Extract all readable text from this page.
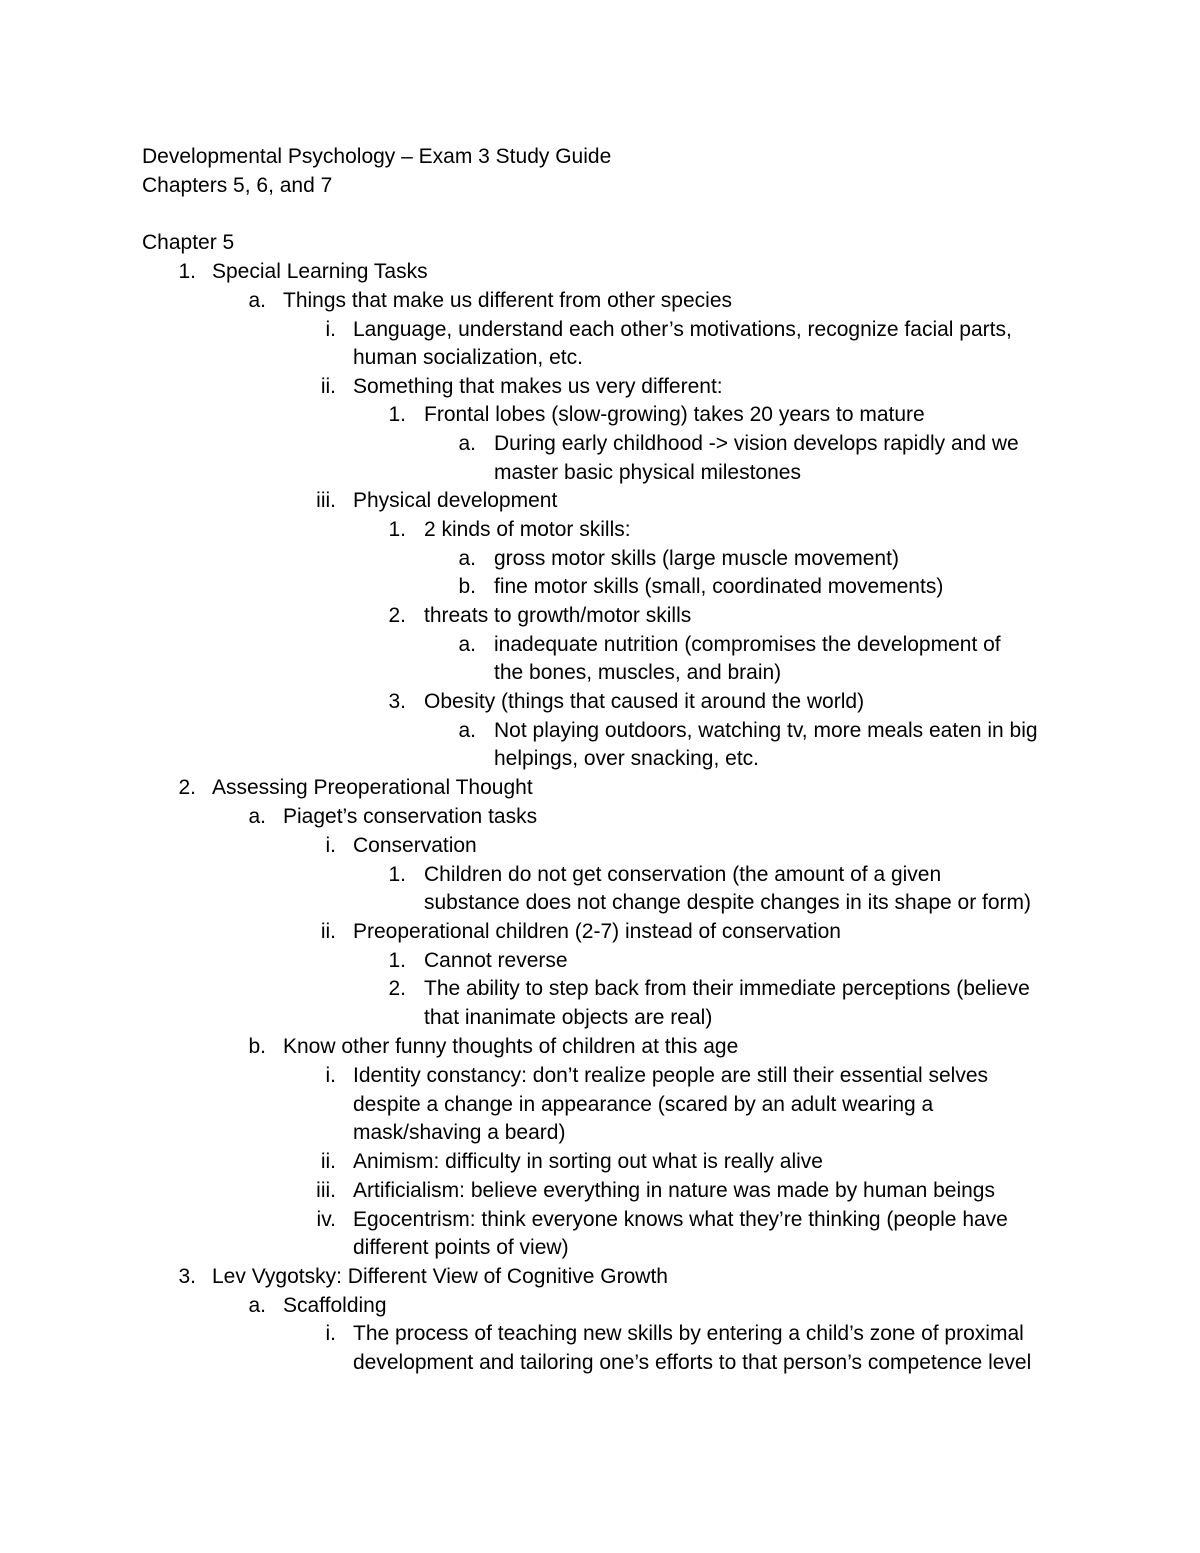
Developmental Psychology – Exam 3 Study Guide
Chapters 5, 6, and 7
Chapter 5
1. Special Learning Tasks
a. Things that make us different from other species
i. Language, understand each other’s motivations, recognize facial parts,
human socialization, etc.
ii. Something that makes us very different:
1. Frontal lobes (slow-growing) takes 20 years to mature
a. During early childhood -> vision develops rapidly and we
master basic physical milestones
iii. Physical development
1. 2 kinds of motor skills:
a. gross motor skills (large muscle movement)
b. fine motor skills (small, coordinated movements)
2. threats to growth/motor skills
a. inadequate nutrition (compromises the development of
the bones, muscles, and brain)
3. Obesity (things that caused it around the world)
a. Not playing outdoors, watching tv, more meals eaten in big
helpings, over snacking, etc.
2. Assessing Preoperational Thought
a. Piaget’s conservation tasks
i. Conservation
1. Children do not get conservation (the amount of a given
substance does not change despite changes in its shape or form)
ii. Preoperational children (2-7) instead of conservation
1. Cannot reverse
2. The ability to step back from their immediate perceptions (believe
that inanimate objects are real)
b. Know other funny thoughts of children at this age
i. Identity constancy: don’t realize people are still their essential selves
despite a change in appearance (scared by an adult wearing a
mask/shaving a beard)
ii. Animism: difficulty in sorting out what is really alive
iii. Artificialism: believe everything in nature was made by human beings
iv. Egocentrism: think everyone knows what they’re thinking (people have
different points of view)
3. Lev Vygotsky: Different View of Cognitive Growth
a. Scaffolding
i. The process of teaching new skills by entering a child’s zone of proximal
development and tailoring one’s efforts to that person’s competence level
